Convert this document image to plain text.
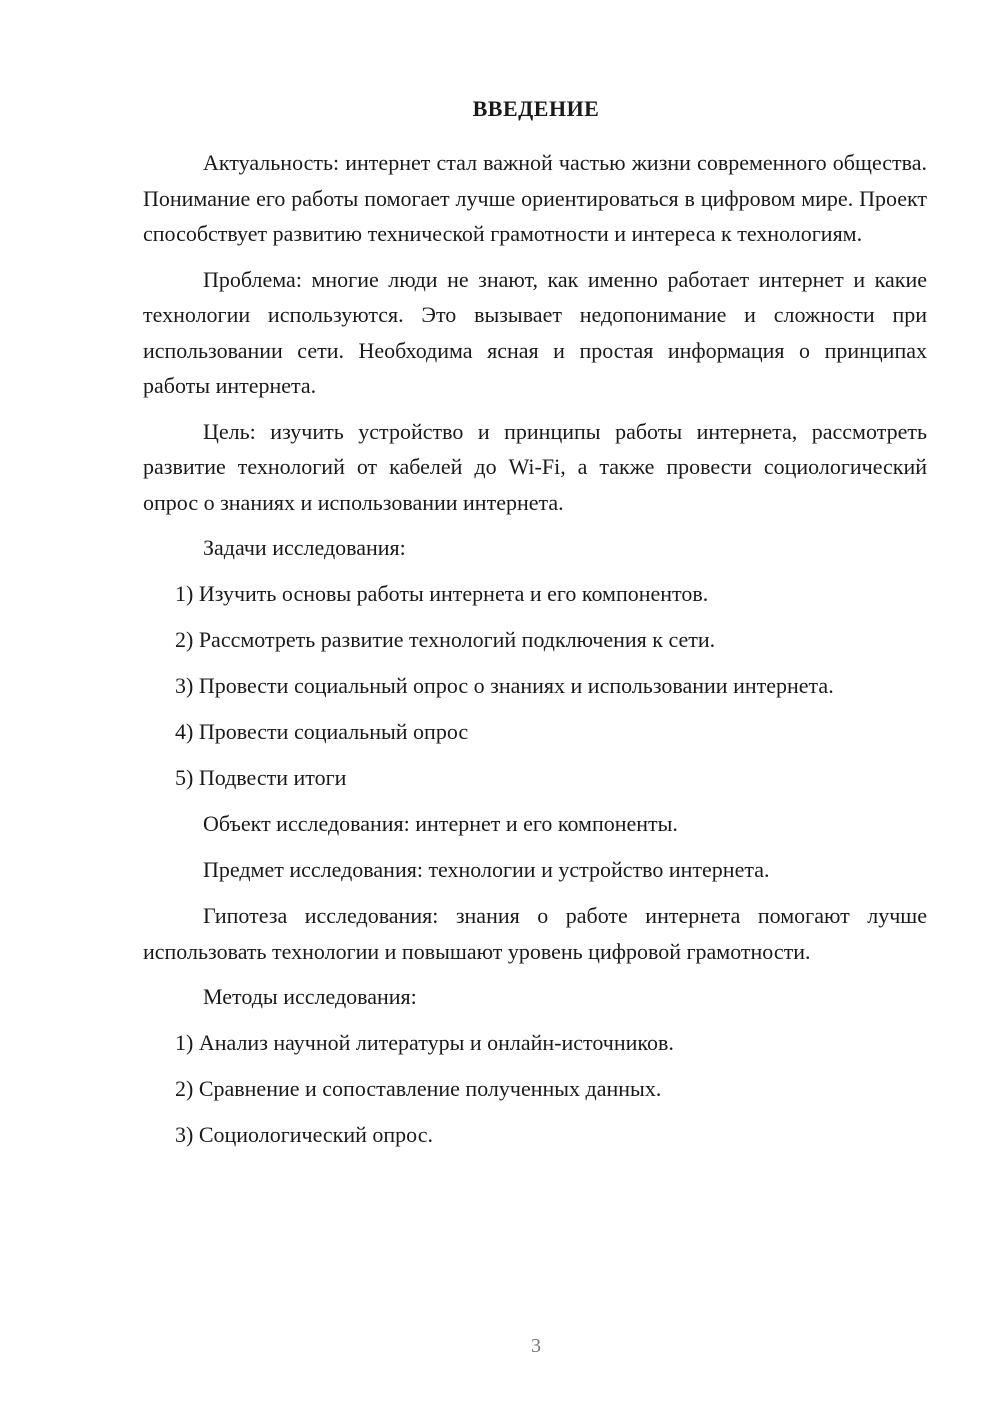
ВВЕДЕНИЕ

Актуальность: интернет стал важной частью жизни современного общества. Понимание его работы помогает лучше ориентироваться в цифровом мире. Проект способствует развитию технической грамотности и интереса к технологиям.

Проблема: многие люди не знают, как именно работает интернет и какие технологии используются. Это вызывает недопонимание и сложности при использовании сети. Необходима ясная и простая информация о принципах работы интернета.

Цель: изучить устройство и принципы работы интернета, рассмотреть развитие технологий от кабелей до Wi-Fi, а также провести социологический опрос о знаниях и использовании интернета.

Задачи исследования:
1) Изучить основы работы интернета и его компонентов.
2) Рассмотреть развитие технологий подключения к сети.
3) Провести социальный опрос о знаниях и использовании интернета.
4) Провести социальный опрос
5) Подвести итоги
Объект исследования: интернет и его компоненты.
Предмет исследования: технологии и устройство интернета.

Гипотеза исследования: знания о работе интернета помогают лучше использовать технологии и повышают уровень цифровой грамотности.

Методы исследования:
1) Анализ научной литературы и онлайн-источников.
2) Сравнение и сопоставление полученных данных.
3) Социологический опрос.
3
